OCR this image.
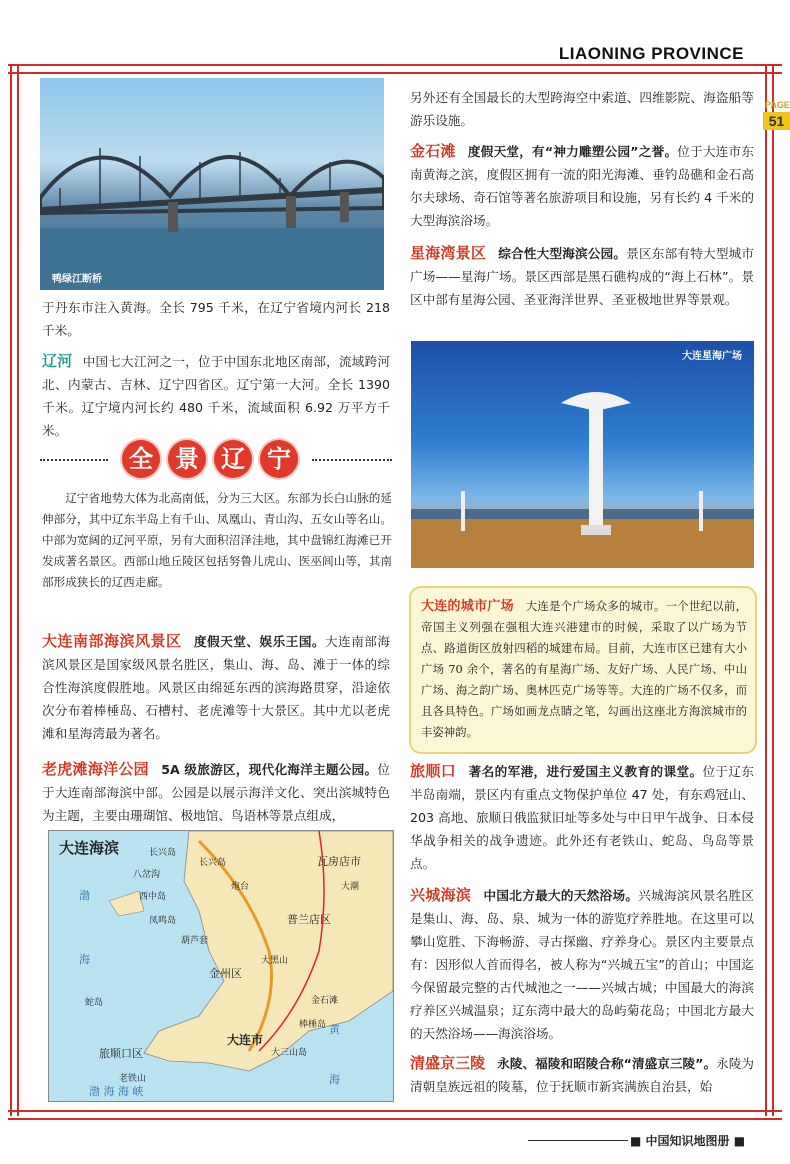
LIAONING PROVINCE
PAGE
51
鸭绿江断桥
于丹东市注入黄海。全长 795 千米，在辽宁省境内河长 218 千米。
辽河 中国七大江河之一，位于中国东北地区南部，流域跨河北、内蒙古、吉林、辽宁四省区。辽宁第一大河。全长 1390 千米。辽宁境内河长约 480 千米，流域面积 6.92 万平方千米。
全 景 辽 宁
辽宁省地势大体为北高南低，分为三大区。东部为长白山脉的延伸部分，其中辽东半岛上有千山、凤凰山、青山沟、五女山等名山。中部为宽阔的辽河平原，另有大面积沼泽洼地，其中盘锦红海滩已开发成著名景区。西部山地丘陵区包括努鲁儿虎山、医巫闾山等，其南部形成狭长的辽西走廊。
大连南部海滨风景区 度假天堂、娱乐王国。大连南部海滨风景区是国家级风景名胜区，集山、海、岛、滩于一体的综合性海滨度假胜地。风景区由绵延东西的滨海路贯穿，沿途依次分布着棒棰岛、石槽村、老虎滩等十大景区。其中尤以老虎滩和星海湾最为著名。
老虎滩海洋公园 5A 级旅游区，现代化海洋主题公园。位于大连南部海滨中部。公园是以展示海洋文化、突出滨城特色为主题，主要由珊瑚馆、极地馆、鸟语林等景点组成，
大连海滨	长兴岛
长兴岛	瓦房店市
西中岛
八岔沟
炮台	大潮
凤鸣岛	普兰店区
葫芦套
金州区
大黑山
金石滩
棒棰岛
大连市
旅顺口区
蛇岛
老铁山
大三山岛
渤
海
黄
海
渤 海 海 峡
另外还有全国最长的大型跨海空中索道、四维影院、海盗船等游乐设施。
金石滩 度假天堂，有“神力雕塑公园”之誉。位于大连市东南黄海之滨，度假区拥有一流的阳光海滩、垂钓岛礁和金石高尔夫球场、奇石馆等著名旅游项目和设施，另有长约 4 千米的大型海滨浴场。
星海湾景区 综合性大型海滨公园。景区东部有特大型城市广场——星海广场。景区西部是黑石礁构成的“海上石林”。景区中部有星海公园、圣亚海洋世界、圣亚极地世界等景观。
大连星海广场
大连的城市广场 大连是个广场众多的城市。一个世纪以前，帝国主义列强在强租大连兴港建市的时候，采取了以广场为节点、路道街区放射四稻的城建布局。目前，大连市区已建有大小广场 70 余个，著名的有星海广场、友好广场、人民广场、中山广场、海之韵广场、奥林匹克广场等等。大连的广场不仅多，而且各具特色。广场如画龙点睛之笔，勾画出这座北方海滨城市的丰姿神韵。
旅顺口 著名的军港，进行爱国主义教育的课堂。位于辽东半岛南端，景区内有重点文物保护单位 47 处，有东鸡冠山、203 高地、旅顺日俄监狱旧址等多处与中日甲午战争、日本侵华战争相关的战争遗迹。此外还有老铁山、蛇岛、鸟岛等景点。
兴城海滨 中国北方最大的天然浴场。兴城海滨风景名胜区是集山、海、岛、泉、城为一体的游览疗养胜地。在这里可以攀山览胜、下海畅游、寻古探幽、疗养身心。景区内主要景点有：因形似人首而得名，被人称为“兴城五宝”的首山；中国迄今保留最完整的古代城池之一——兴城古城；中国最大的海滨疗养区兴城温泉；辽东湾中最大的岛屿菊花岛；中国北方最大的天然浴场——海滨浴场。
清盛京三陵 永陵、福陵和昭陵合称“清盛京三陵”。永陵为清朝皇族远祖的陵墓，位于抚顺市新宾满族自治县，始
■ 中国知识地图册 ■
